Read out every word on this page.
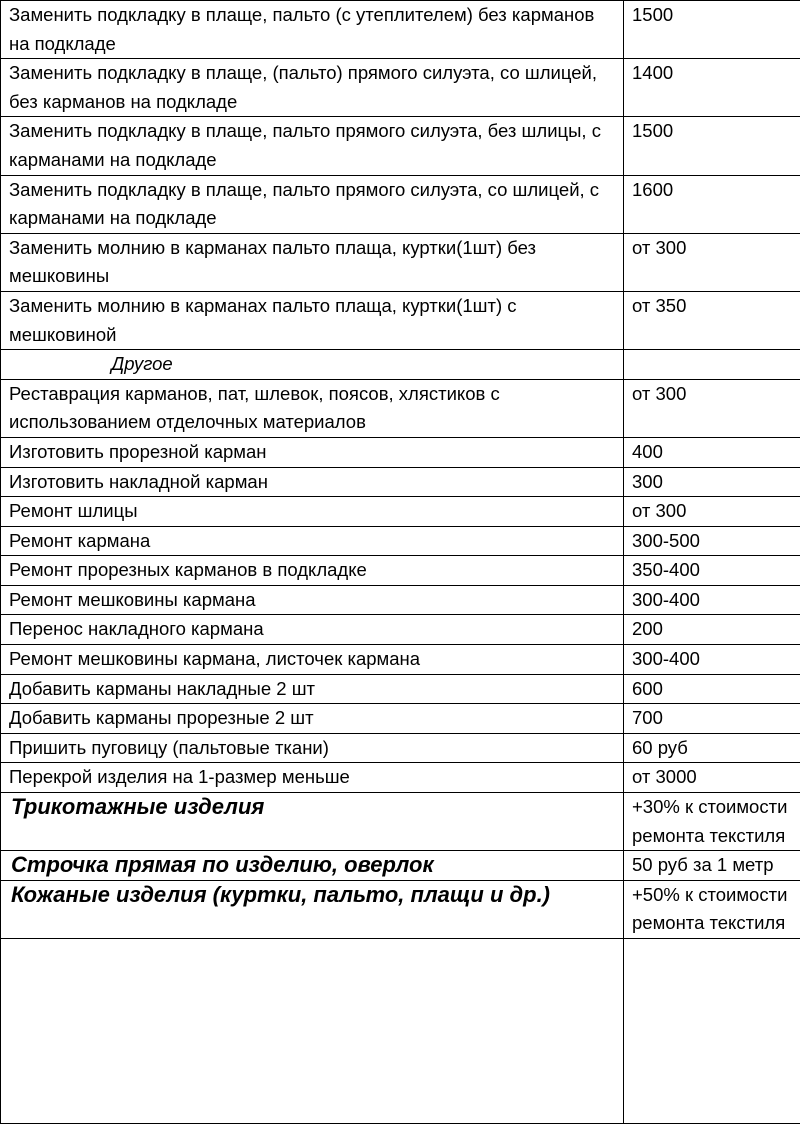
Заменить подкладку в плаще, пальто (с утеплителем) без карманов на подкладе	1500
Заменить подкладку в плаще, (пальто) прямого силуэта, со шлицей, без карманов на подкладе	1400
Заменить подкладку в плаще, пальто прямого силуэта, без шлицы, с карманами на подкладе	1500
Заменить подкладку в плаще, пальто прямого силуэта, со шлицей, с карманами на подкладе	1600
Заменить молнию в карманах пальто плаща, куртки(1шт) без мешковины	от 300
Заменить молнию в карманах пальто плаща, куртки(1шт) с мешковиной	от 350
Другое	
Реставрация карманов, пат, шлевок, поясов, хлястиков с использованием отделочных материалов	от 300
Изготовить прорезной карман	400
Изготовить накладной карман	300
Ремонт шлицы	от 300
Ремонт кармана	300-500
Ремонт прорезных карманов в подкладке	350-400
Ремонт мешковины кармана	300-400
Перенос накладного кармана	200
Ремонт мешковины кармана, листочек кармана	300-400
Добавить карманы накладные 2 шт	600
Добавить карманы прорезные 2 шт	700
Пришить пуговицу (пальтовые ткани)	60 руб
Перекрой изделия на 1-размер меньше	от 3000
Трикотажные изделия	+30% к стоимости ремонта текстиля
Строчка прямая по изделию, оверлок	50 руб за 1 метр
Кожаные изделия (куртки, пальто, плащи и др.)	+50% к стоимости ремонта текстиля
